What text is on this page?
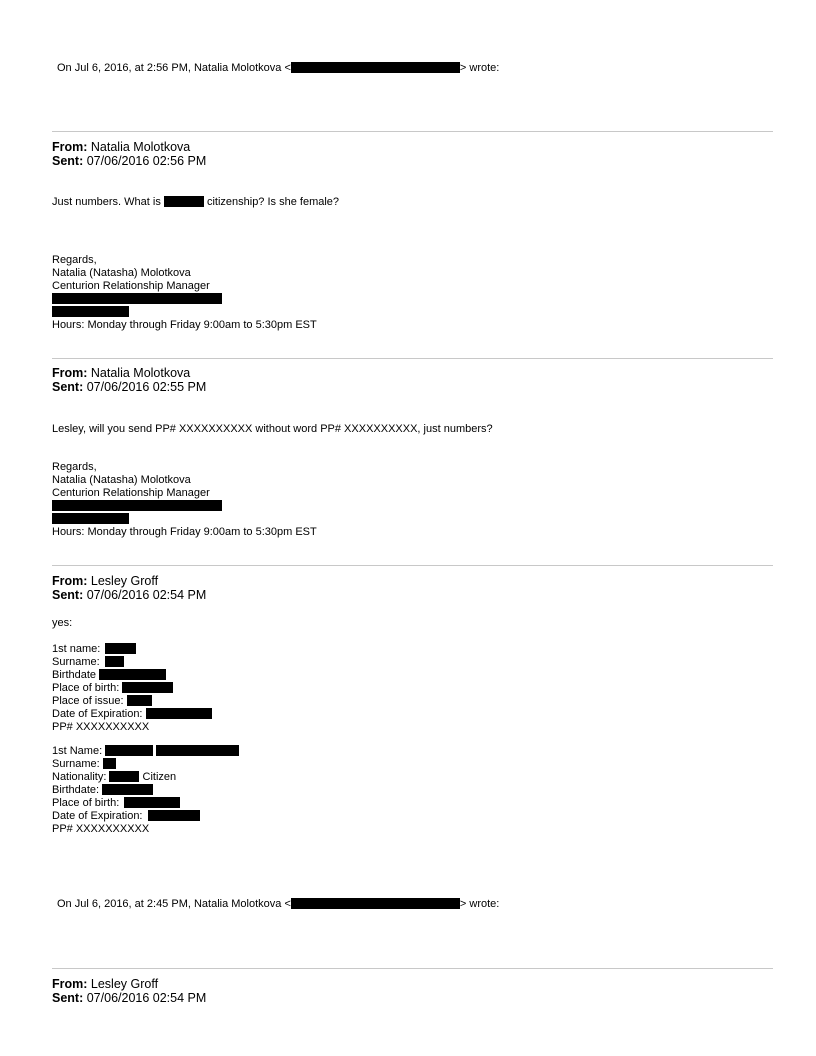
On Jul 6, 2016, at 2:56 PM, Natalia Molotkova <	> wrote:
From: Natalia Molotkova
Sent: 07/06/2016 02:56 PM
Just numbers. What is	citizenship? Is she female?
Regards,
Natalia (Natasha) Molotkova
Centurion Relationship Manager
Hours: Monday through Friday 9:00am to 5:30pm EST
From: Natalia Molotkova
Sent: 07/06/2016 02:55 PM
Lesley, will you send PP# XXXXXXXXXX without word PP# XXXXXXXXXX, just numbers?
Regards,
Natalia (Natasha) Molotkova
Centurion Relationship Manager
Hours: Monday through Friday 9:00am to 5:30pm EST
From: Lesley Groff
Sent: 07/06/2016 02:54 PM
yes:
1st name:
Surname:
Birthdate
Place of birth:
Place of issue:
Date of Expiration:
PP# XXXXXXXXXX
1st Name:
Surname:
Nationality:	Citizen
Birthdate:
Place of birth:
Date of Expiration:
PP# XXXXXXXXXX
On Jul 6, 2016, at 2:45 PM, Natalia Molotkova <	> wrote:
From: Lesley Groff
Sent: 07/06/2016 02:54 PM
